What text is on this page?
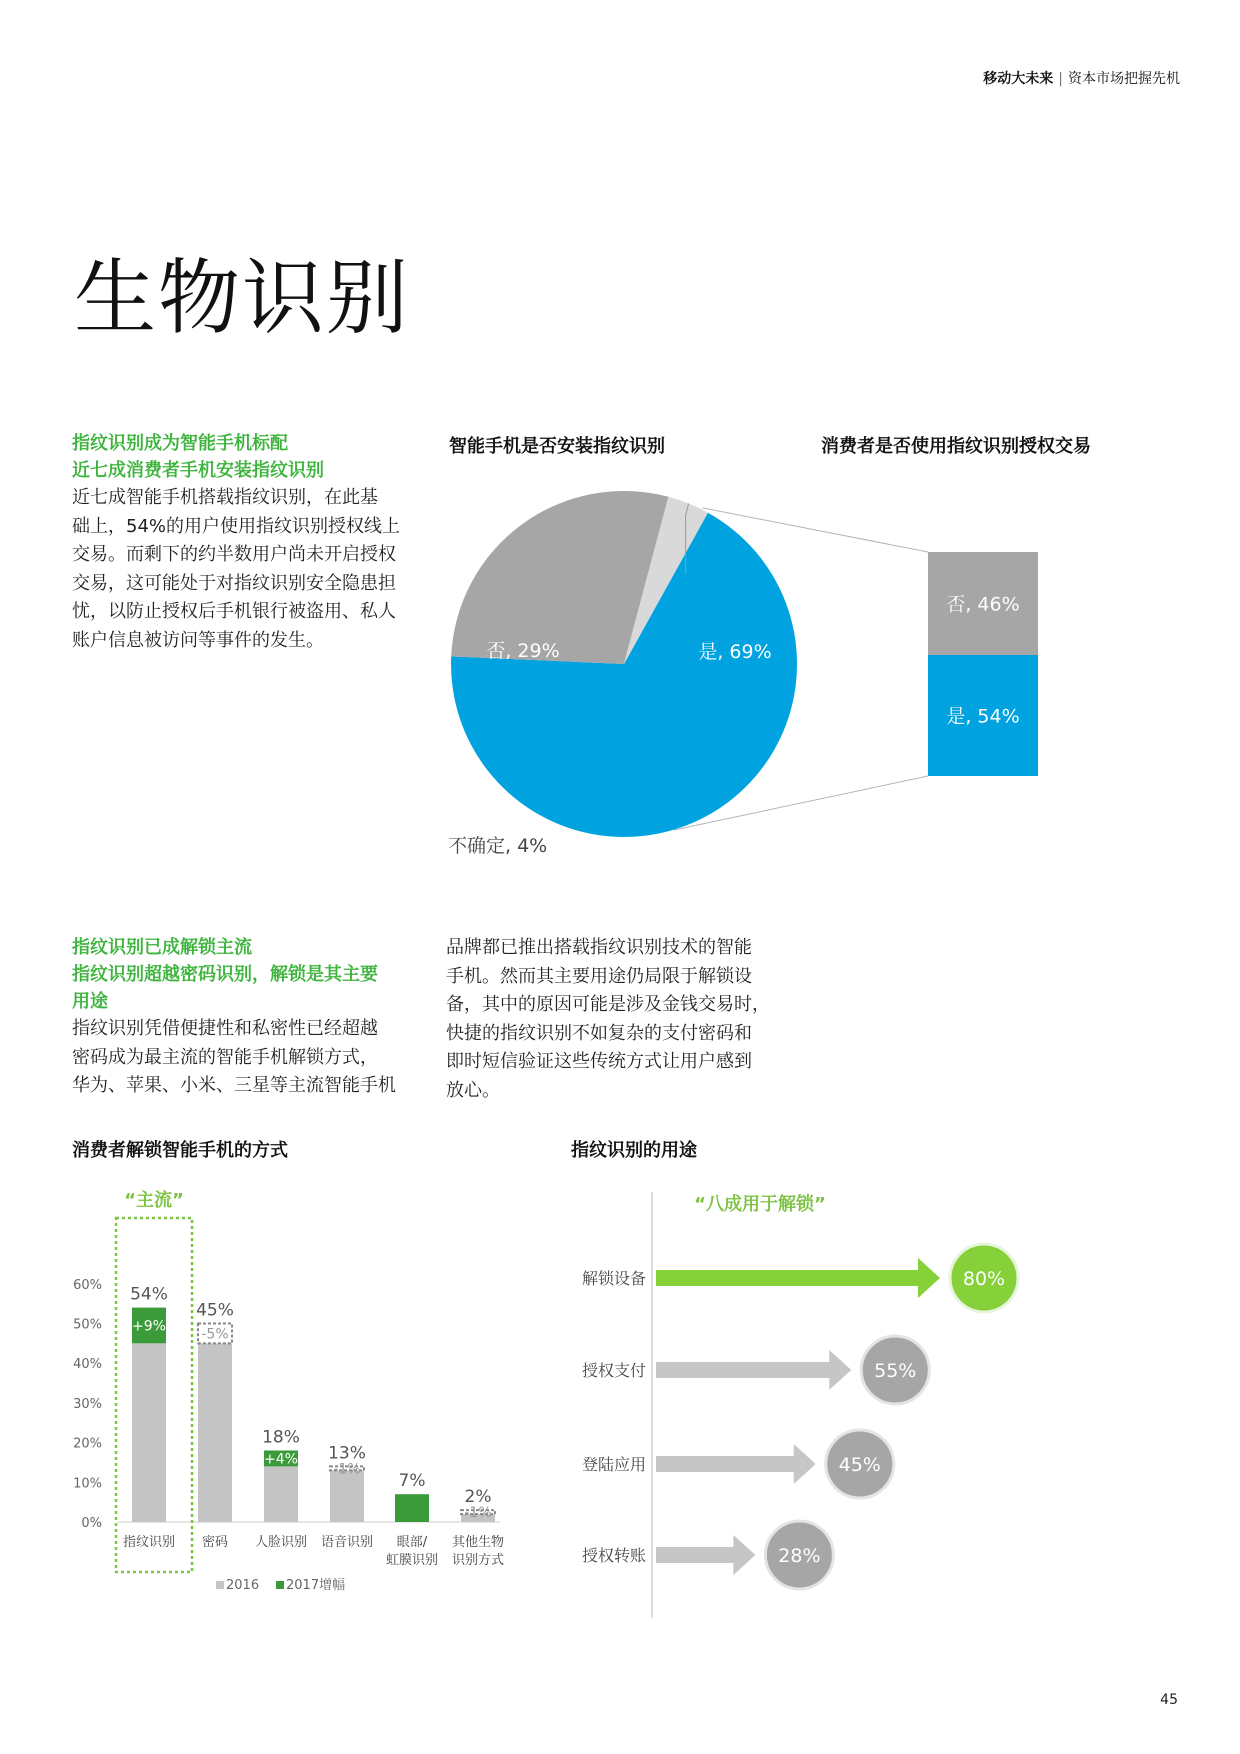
移动大未来 | 资本市场把握先机
生物识别
指纹识别成为智能手机标配
近七成消费者手机安装指纹识别
近七成智能手机搭载指纹识别，在此基
础上，54%的用户使用指纹识别授权线上
交易。而剩下的约半数用户尚未开启授权
交易，这可能处于对指纹识别安全隐患担
忧，以防止授权后手机银行被盗用、私人
账户信息被访问等事件的发生。
智能手机是否安装指纹识别	消费者是否使用指纹识别授权交易
是, 69%
否, 29%
不确定, 4%
否, 46%
是, 54%
指纹识别已成解锁主流
指纹识别超越密码识别，解锁是其主要
用途
指纹识别凭借便捷性和私密性已经超越
密码成为最主流的智能手机解锁方式，
华为、苹果、小米、三星等主流智能手机
品牌都已推出搭载指纹识别技术的智能
手机。然而其主要用途仍局限于解锁设
备，其中的原因可能是涉及金钱交易时，
快捷的指纹识别不如复杂的支付密码和
即时短信验证这些传统方式让用户感到
放心。
消费者解锁智能手机的方式	指纹识别的用途
0%
10%
20%
30%
40%
50%
60%
+9%
54%
指纹识别
-5%
45%
密码
+4%
18%
人脸识别
-1%
13%
语音识别
7%
眼部/
虹膜识别
-1%
2%
其他生物
识别方式
“主流”
2016 2017增幅
“八成用于解锁”
80%
解锁设备
55%
授权支付
45%
登陆应用
28%
授权转账
45
